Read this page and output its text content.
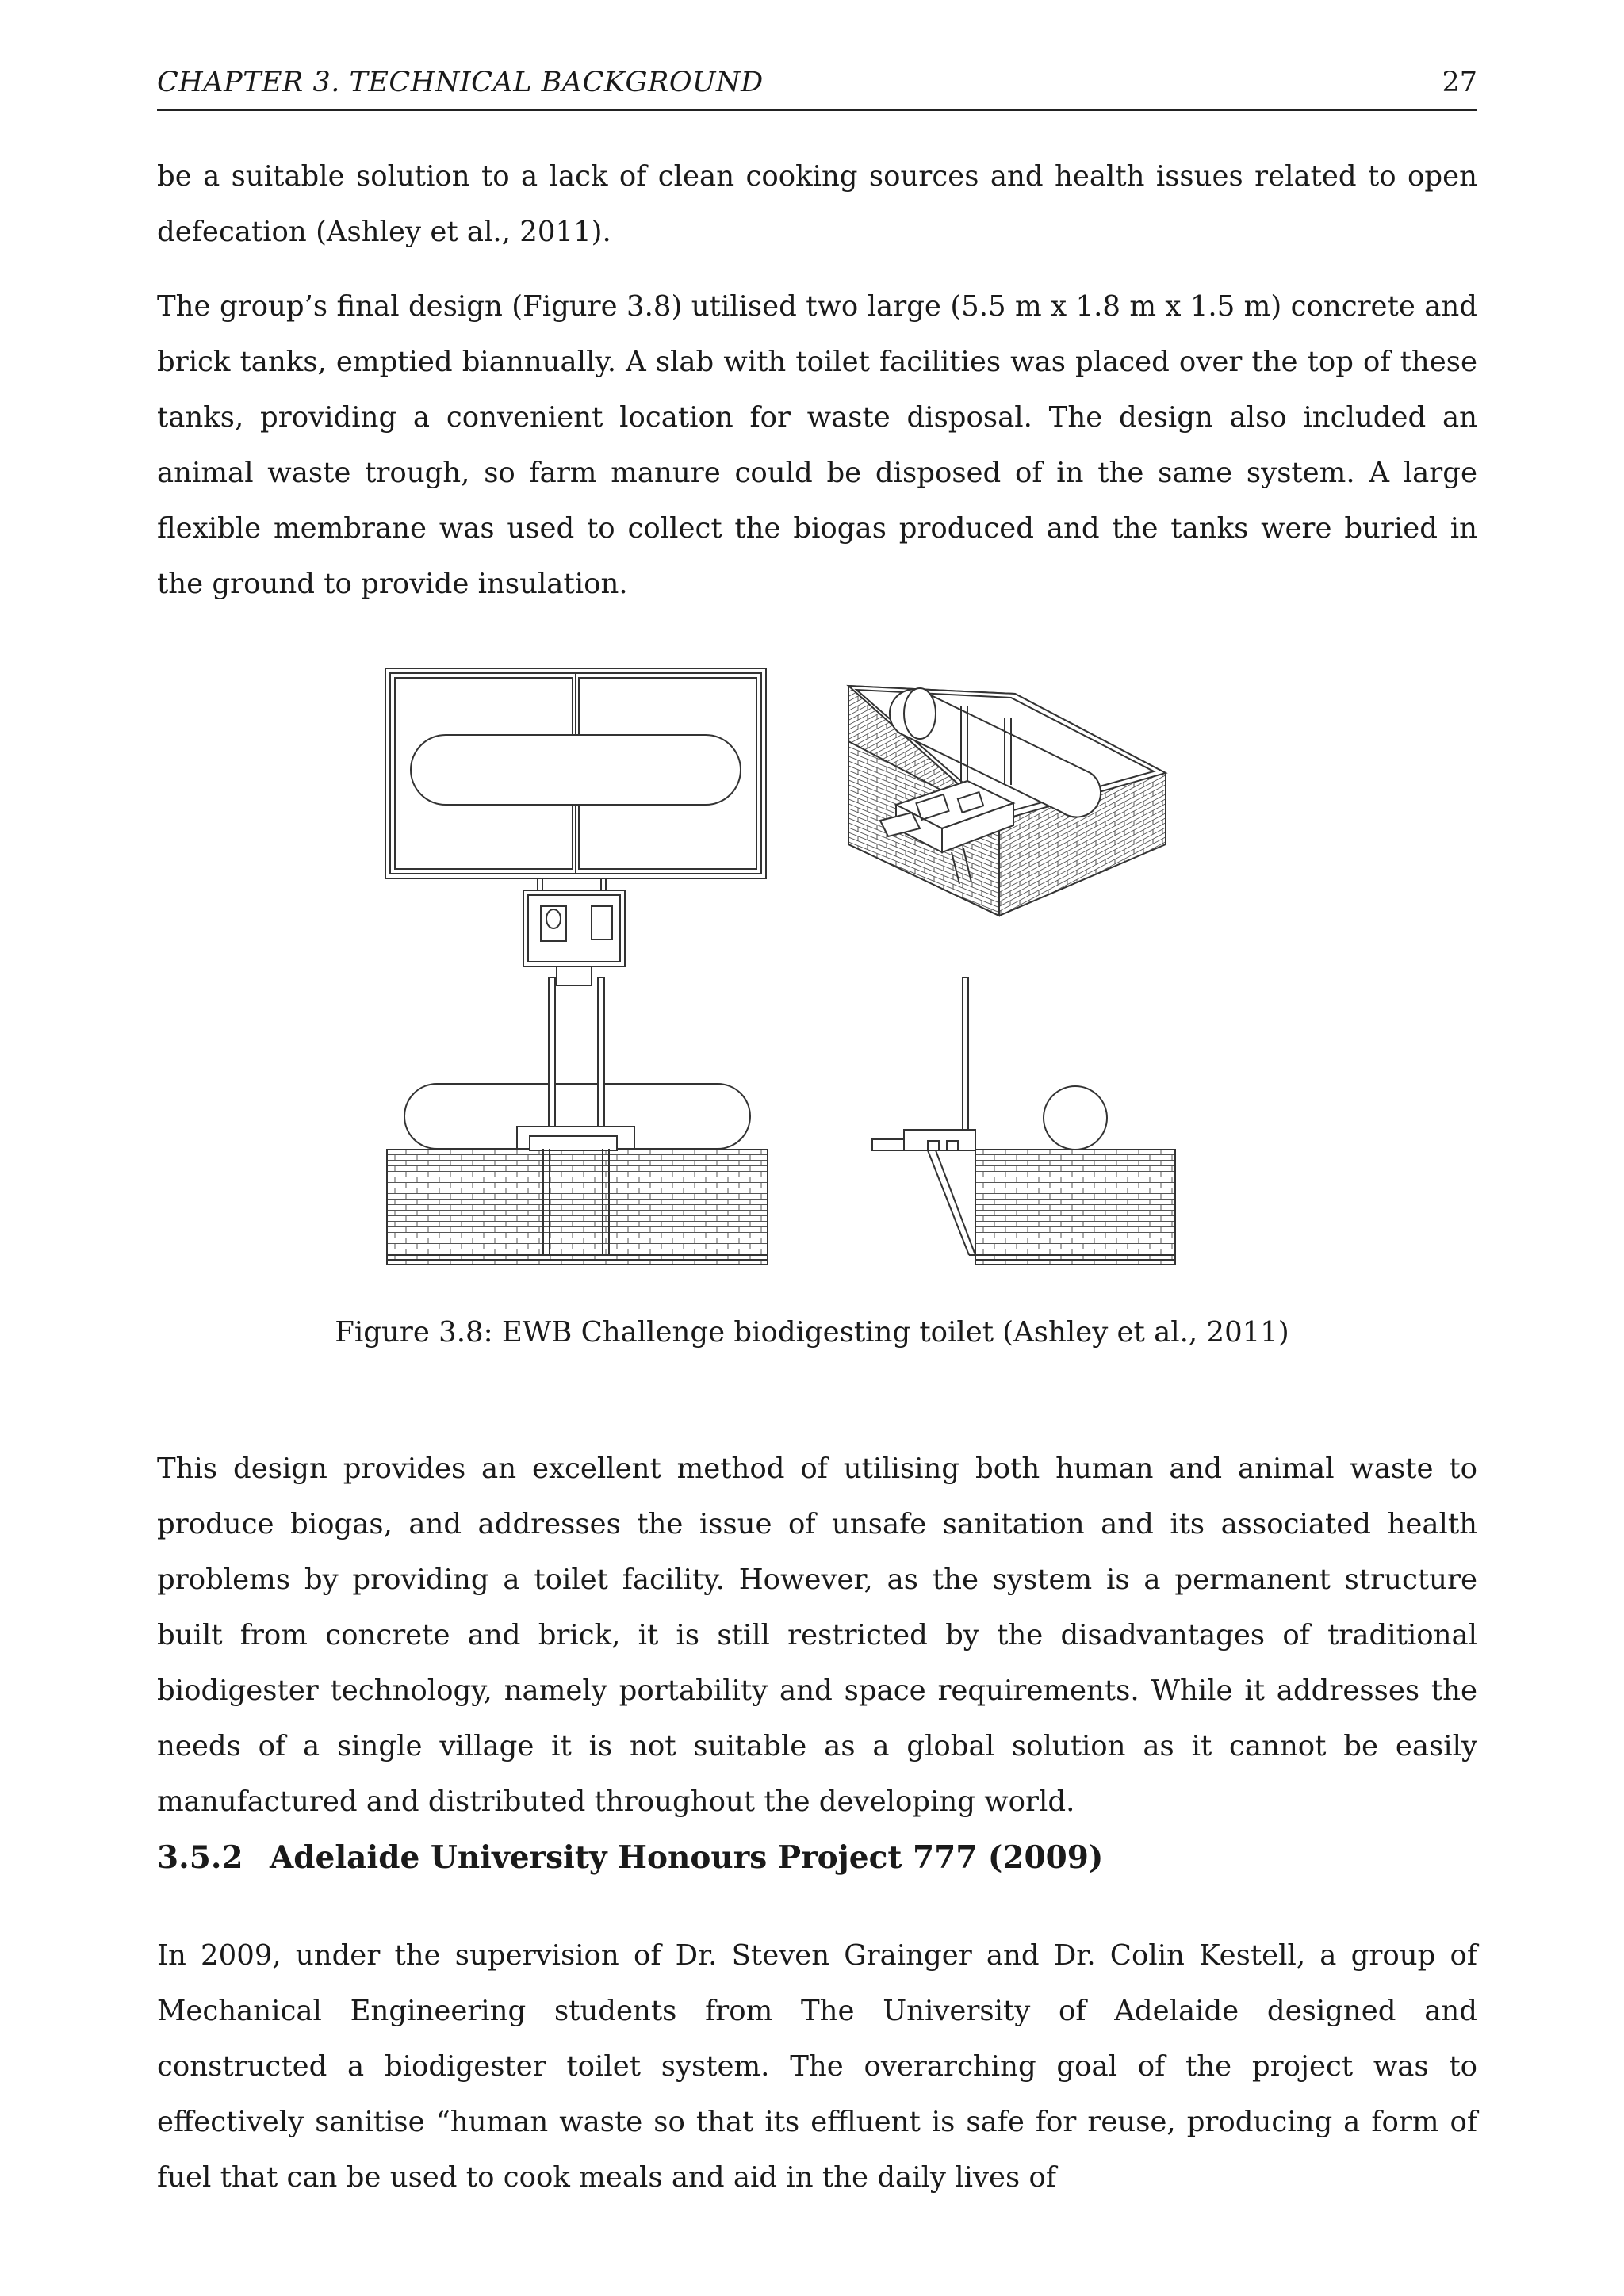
CHAPTER 3. TECHNICAL BACKGROUND	27

be a suitable solution to a lack of clean cooking sources and health issues related to open defecation (Ashley et al., 2011).

The group’s final design (Figure 3.8) utilised two large (5.5 m x 1.8 m x 1.5 m) concrete and brick tanks, emptied biannually. A slab with toilet facilities was placed over the top of these tanks, providing a convenient location for waste disposal. The design also included an animal waste trough, so farm manure could be disposed of in the same system. A large flexible membrane was used to collect the biogas produced and the tanks were buried in the ground to provide insulation.

Figure 3.8: EWB Challenge biodigesting toilet (Ashley et al., 2011)

This design provides an excellent method of utilising both human and animal waste to produce biogas, and addresses the issue of unsafe sanitation and its associated health problems by providing a toilet facility. However, as the system is a permanent structure built from concrete and brick, it is still restricted by the disadvantages of traditional biodigester technology, namely portability and space requirements. While it addresses the needs of a single village it is not suitable as a global solution as it cannot be easily manufactured and distributed throughout the developing world.

3.5.2 Adelaide University Honours Project 777 (2009)

In 2009, under the supervision of Dr. Steven Grainger and Dr. Colin Kestell, a group of Mechanical Engineering students from The University of Adelaide designed and constructed a biodigester toilet system. The overarching goal of the project was to effectively sanitise “human waste so that its effluent is safe for reuse, producing a form of fuel that can be used to cook meals and aid in the daily lives of
